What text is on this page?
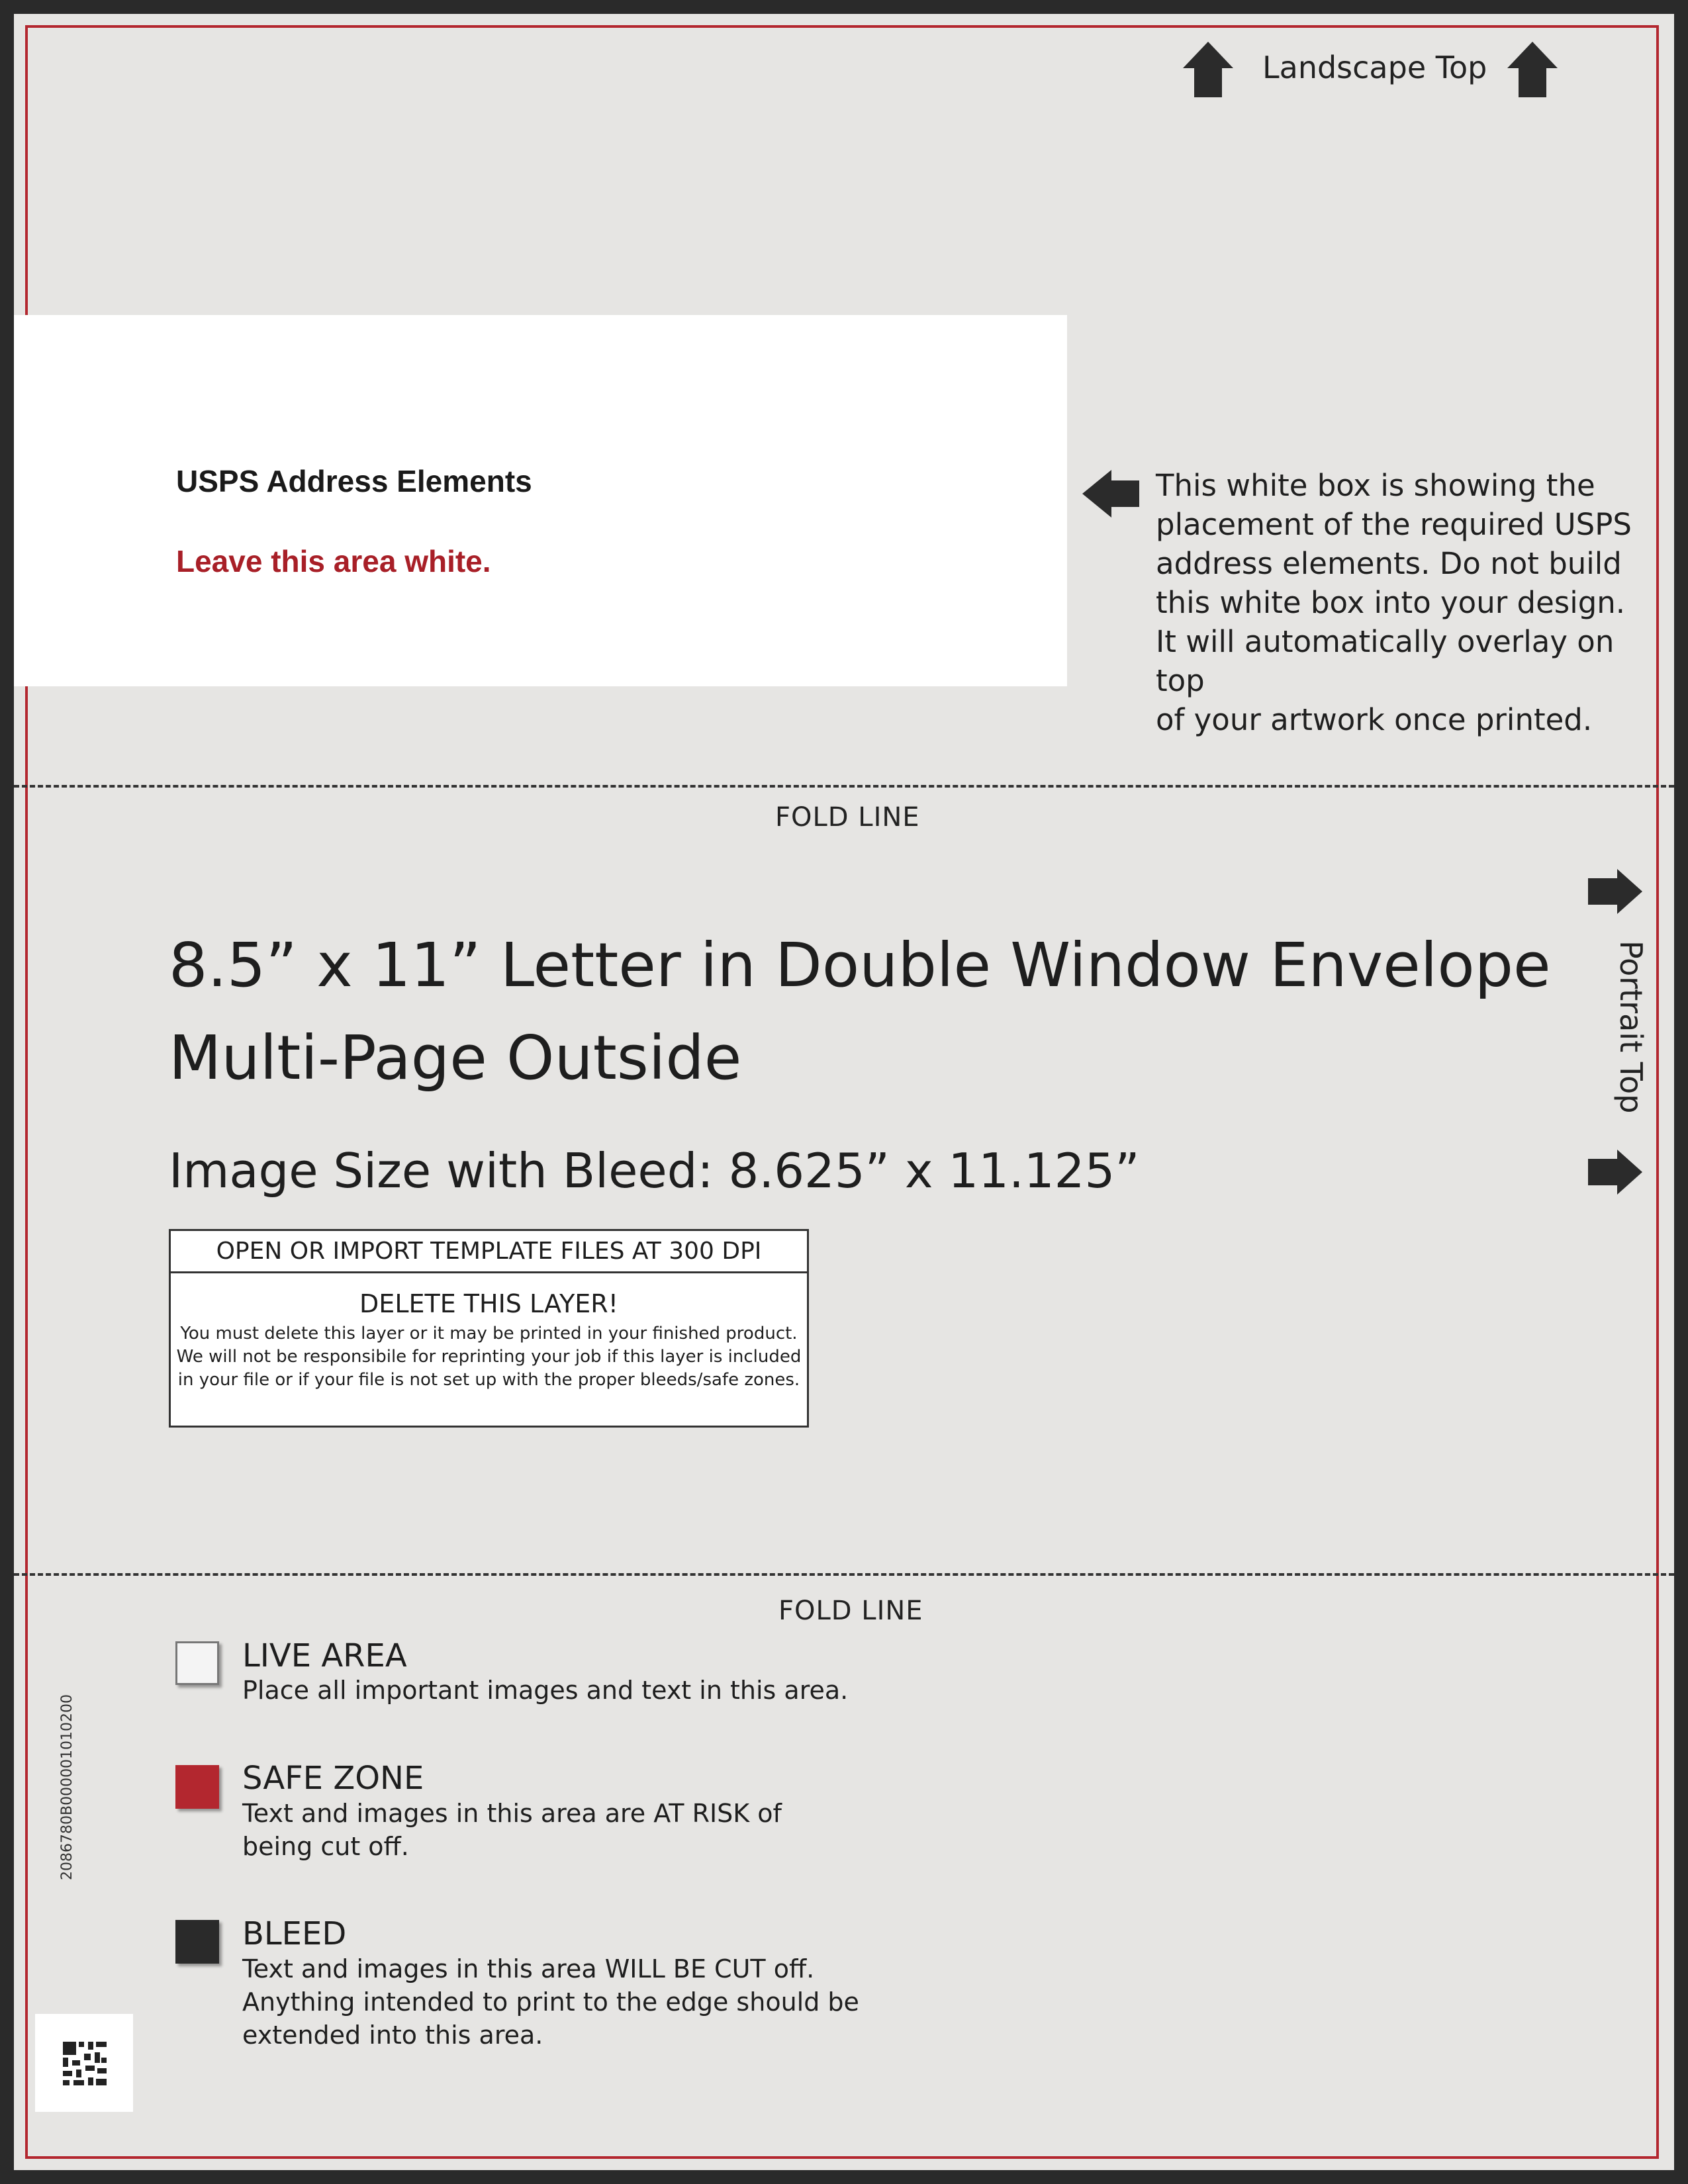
Landscape Top
USPS Address Elements
Leave this area white.
This white box is showing the
placement of the required USPS
address elements. Do not build
this white box into your design.
It will automatically overlay on top
of your artwork once printed.
FOLD LINE
Portrait Top
8.5” x 11” Letter in Double Window Envelope
Multi-Page Outside
Image Size with Bleed: 8.625” x 11.125”
OPEN OR IMPORT TEMPLATE FILES AT 300 DPI
DELETE THIS LAYER!
You must delete this layer or it may be printed in your finished product.
We will not be responsibile for reprinting your job if this layer is included
in your file or if your file is not set up with the proper bleeds/safe zones.
FOLD LINE
LIVE AREA
Place all important images and text in this area.
SAFE ZONE
Text and images in this area are AT RISK of
being cut off.
BLEED
Text and images in this area WILL BE CUT off.
Anything intended to print to the edge should be
extended into this area.
2086780B000001010200
